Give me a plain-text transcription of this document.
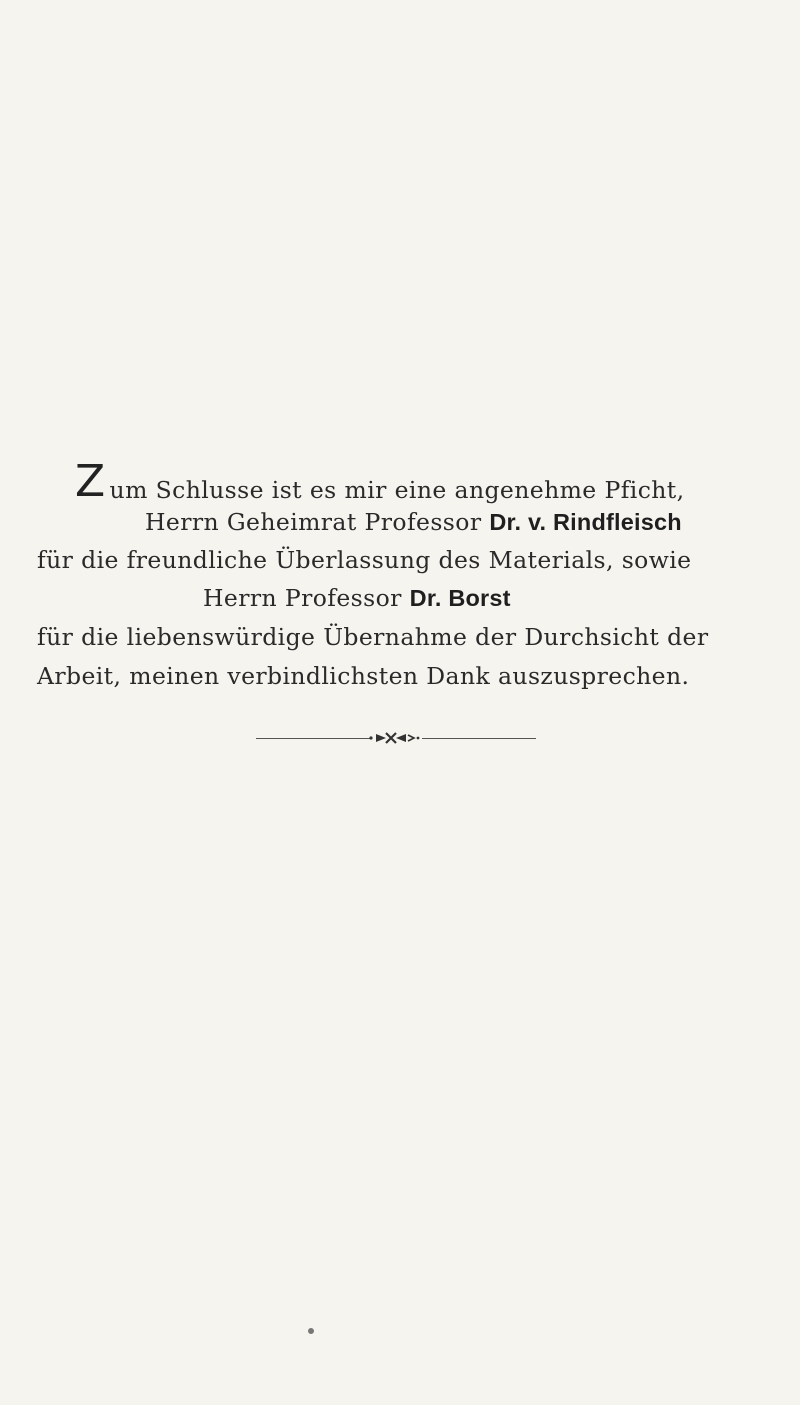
Zum Schlusse ist es mir eine angenehme Pficht,
Herrn Geheimrat Professor Dr. v. Rindfleisch
für die freundliche Überlassung des Materials, sowie
Herrn Professor Dr. Borst
für die liebenswürdige Übernahme der Durchsicht der
Arbeit, meinen verbindlichsten Dank auszusprechen.
